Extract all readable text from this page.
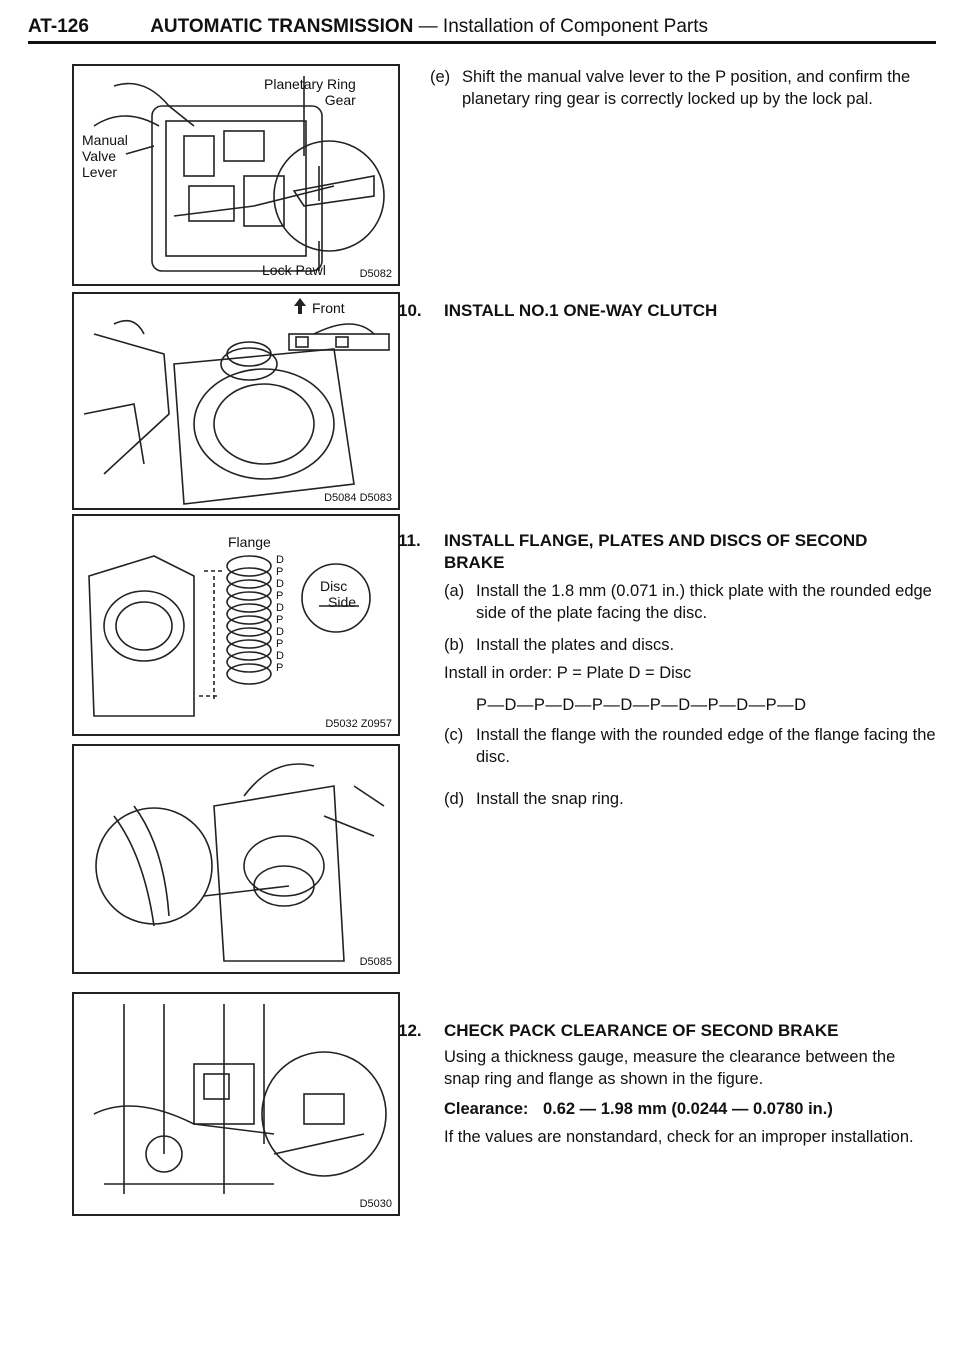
AT-126	AUTOMATIC TRANSMISSION — Installation of Component Parts
Planetary Ring
Gear
Manual
Valve
Lever
Lock Pawl	D5082
Front
D5084 D5083
Flange
Disc
Side
D
P
D
P
D
P
D
P
D
P
D5032 Z0957
D5085
D5030
(e) Shift the manual valve lever to the P position, and confirm the planetary ring gear is correctly locked up by the lock pal.
10. INSTALL NO.1 ONE-WAY CLUTCH
11.	INSTALL FLANGE, PLATES AND DISCS OF SECOND BRAKE
(a) Install the 1.8 mm (0.071 in.) thick plate with the rounded edge side of the plate facing the disc.
(b) Install the plates and discs.
Install in order: P = Plate D = Disc
P—D—P—D—P—D—P—D—P—D—P—D
(c) Install the flange with the rounded edge of the flange facing the disc.
(d) Install the snap ring.
12. CHECK PACK CLEARANCE OF SECOND BRAKE
Using a thickness gauge, measure the clearance between the snap ring and flange as shown in the figure.
Clearance: 0.62 — 1.98 mm (0.0244 — 0.0780 in.)
If the values are nonstandard, check for an improper installation.
